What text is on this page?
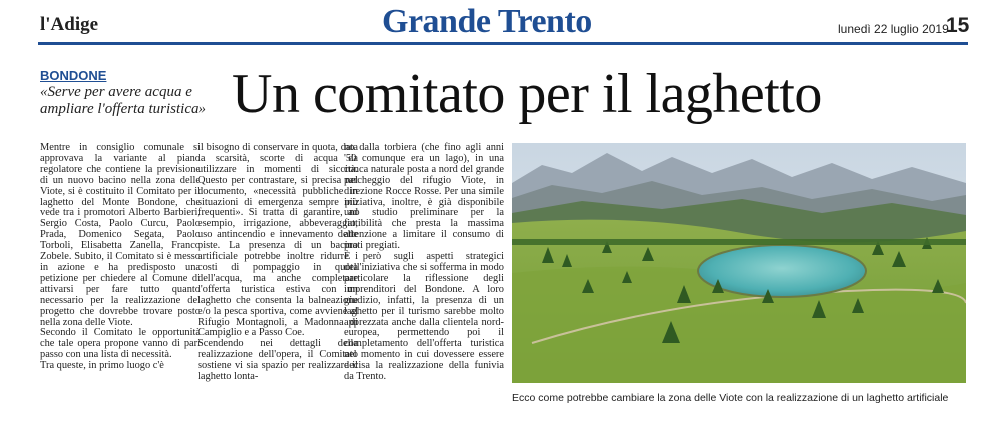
l'Adige	Grande Trento	lunedì 22 luglio 2019
15
BONDONE
«Serve per avere acqua e ampliare l'offerta turistica» Un comitato per il laghetto

Mentre in consiglio comunale si approvava la variante al piano regolatore che contiene la previsione di un nuovo bacino nella zona delle Viote, si è costituito il Comitato per il laghetto del Monte Bondone, che vede tra i promotori Alberto Barbieri, Sergio Costa, Paolo Curcu, Paolo Prada, Domenico Segata, Paolo Torboli, Elisabetta Zanella, Franco Zobele. Subito, il Comitato si è messo in azione e ha predisposto una petizione per chiedere al Comune di attivarsi per fare tutto quanto necessario per la realizzazione del progetto che dovrebbe trovare posto nella zona delle Viote.

Secondo il Comitato le opportunità che tale opera propone vanno di pari passo con una lista di necessità.

Tra queste, in primo luogo c'è

il bisogno di conservare in quota, data la scarsità, scorte di acqua da utilizzare in momenti di siccità. Questo per contrastare, si precisa nel documento, «necessità pubbliche in situazioni di emergenza sempre più frequenti». Si tratta di garantire, ad esempio, irrigazione, abbeveraggio, uso antincendio e innevamento delle piste. La presenza di un bacino artificiale potrebbe inoltre ridurre i costi di pompaggio in quota dell'acqua, ma anche completare l'offerta turistica estiva con un laghetto che consenta la balneazione e/o la pesca sportiva, come avviene al Rifugio Montagnoli, a Madonna di Campiglio e a Passo Coe.

Scendendo nei dettagli della realizzazione dell'opera, il Comitato sostiene vi sia spazio per realizzare il laghetto lonta-

no dalla torbiera (che fino agli anni '50 comunque era un lago), in una conca naturale posta a nord del grande parcheggio del rifugio Viote, in direzione Rocce Rosse. Per una simile iniziativa, inoltre, è già disponibile uno studio preliminare per la fattibilità che presta la massima attenzione a limitare il consumo di prati pregiati.

È però sugli aspetti strategici dell'iniziativa che si sofferma in modo particolare la riflessione degli imprenditori del Bondone. A loro giudizio, infatti, la presenza di un laghetto per il turismo sarebbe molto apprezzata anche dalla clientela nord-europea, permettendo poi il completamento dell'offerta turistica nel momento in cui dovessere essere decisa la realizzazione della funivia da Trento.

Ecco come potrebbe cambiare la zona delle Viote con la realizzazione di un laghetto artificiale
